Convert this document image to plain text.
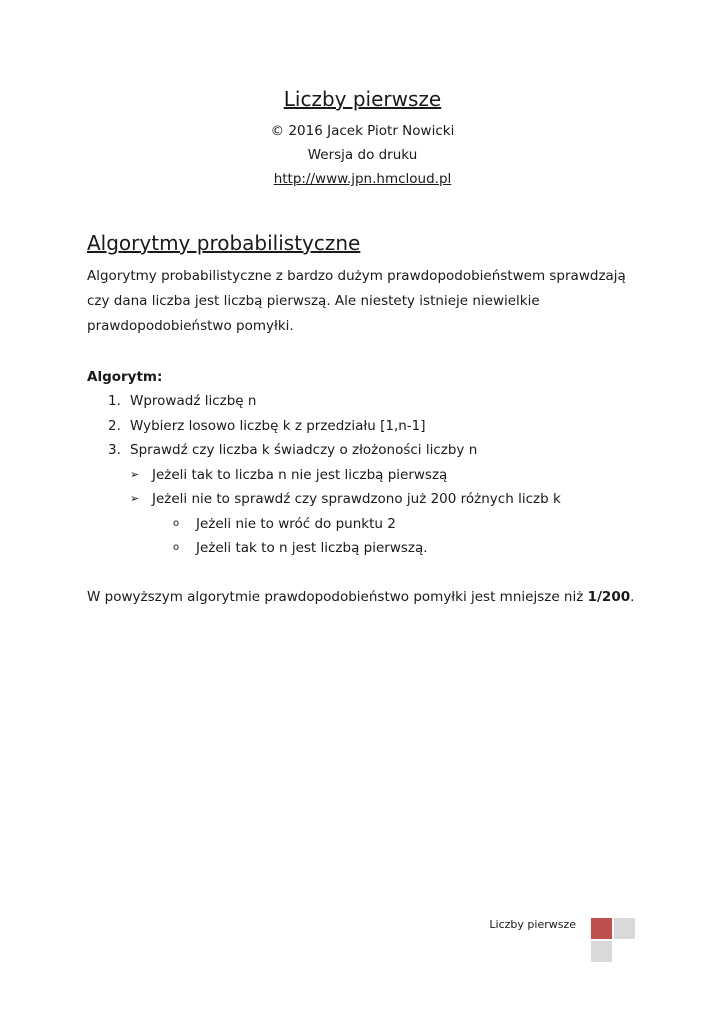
Liczby pierwsze
© 2016 Jacek Piotr Nowicki
Wersja do druku
http://www.jpn.hmcloud.pl
Algorytmy probabilistyczne

Algorytmy probabilistyczne z bardzo dużym prawdopodobieństwem sprawdzają
czy dana liczba jest liczbą pierwszą. Ale niestety istnieje niewielkie
prawdopodobieństwo pomyłki.

Algorytm:
1. Wprowadź liczbę n
2. Wybierz losowo liczbę k z przedziału [1,n-1]
3. Sprawdź czy liczba k świadczy o złożoności liczby n
➢ Jeżeli tak to liczba n nie jest liczbą pierwszą
➢ Jeżeli nie to sprawdź czy sprawdzono już 200 różnych liczb k
o Jeżeli nie to wróć do punktu 2
o Jeżeli tak to n jest liczbą pierwszą.
W powyższym algorytmie prawdopodobieństwo pomyłki jest mniejsze niż 1/200.
Liczby pierwsze
